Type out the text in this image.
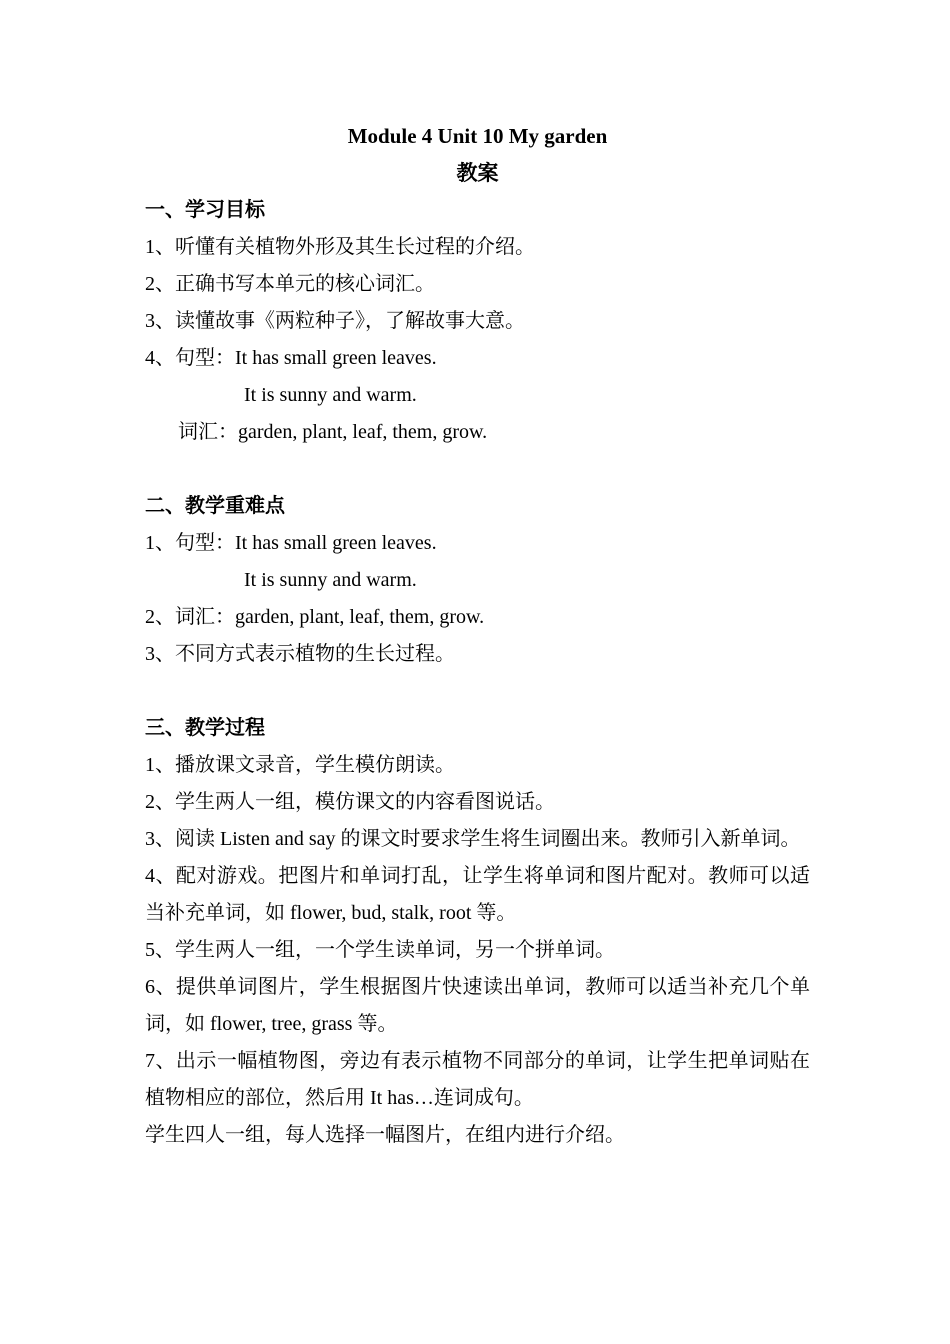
Module 4 Unit 10 My garden

教案

一、学习目标

1、听懂有关植物外形及其生长过程的介绍。

2、正确书写本单元的核心词汇。

3、读懂故事《两粒种子》，了解故事大意。

4、句型：It has small green leaves.

It is sunny and warm.

词汇：garden, plant, leaf, them, grow.

二、教学重难点

1、句型：It has small green leaves.

It is sunny and warm.

2、词汇：garden, plant, leaf, them, grow.

3、不同方式表示植物的生长过程。

三、教学过程

1、播放课文录音，学生模仿朗读。

2、学生两人一组，模仿课文的内容看图说话。

3、阅读 Listen and say 的课文时要求学生将生词圈出来。教师引入新单词。

4、配对游戏。把图片和单词打乱，让学生将单词和图片配对。教师可以适当补充单词，如 flower, bud, stalk, root 等。

5、学生两人一组，一个学生读单词，另一个拼单词。

6、提供单词图片，学生根据图片快速读出单词，教师可以适当补充几个单词，如 flower, tree, grass 等。

7、出示一幅植物图，旁边有表示植物不同部分的单词，让学生把单词贴在植物相应的部位，然后用 It has…连词成句。

学生四人一组，每人选择一幅图片，在组内进行介绍。
